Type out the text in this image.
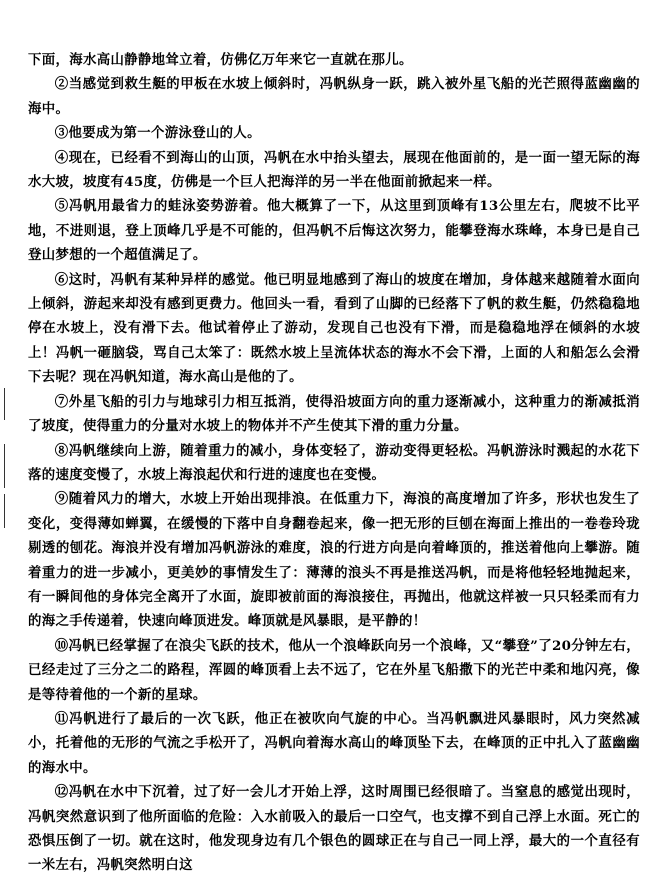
下面，海水高山静静地耸立着，仿佛亿万年来它一直就在那儿。

②当感觉到救生艇的甲板在水坡上倾斜时，冯帆纵身一跃，跳入被外星飞船的光芒照得蓝幽幽的海中。

③他要成为第一个游泳登山的人。

④现在，已经看不到海山的山顶，冯帆在水中抬头望去，展现在他面前的，是一面一望无际的海水大坡，坡度有45度，仿佛是一个巨人把海洋的另一半在他面前掀起来一样。

⑤冯帆用最省力的蛙泳姿势游着。他大概算了一下，从这里到顶峰有13公里左右，爬坡不比平地，不进则退，登上顶峰几乎是不可能的，但冯帆不后悔这次努力，能攀登海水珠峰，本身已是自己登山梦想的一个超值满足了。

⑥这时，冯帆有某种异样的感觉。他已明显地感到了海山的坡度在增加，身体越来越随着水面向上倾斜，游起来却没有感到更费力。他回头一看，看到了山脚的已经落下了帆的救生艇，仍然稳稳地停在水坡上，没有滑下去。他试着停止了游动，发现自己也没有下滑，而是稳稳地浮在倾斜的水坡上！冯帆一砸脑袋，骂自己太笨了：既然水坡上呈流体状态的海水不会下滑，上面的人和船怎么会滑下去呢？现在冯帆知道，海水高山是他的了。

⑦外星飞船的引力与地球引力相互抵消，使得沿坡面方向的重力逐渐减小，这种重力的渐减抵消了坡度，使得重力的分量对水坡上的物体并不产生使其下滑的重力分量。

⑧冯帆继续向上游，随着重力的减小，身体变轻了，游动变得更轻松。冯帆游泳时溅起的水花下落的速度变慢了，水坡上海浪起伏和行进的速度也在变慢。

⑨随着风力的增大，水坡上开始出现排浪。在低重力下，海浪的高度增加了许多，形状也发生了变化，变得薄如蝉翼，在缓慢的下落中自身翻卷起来，像一把无形的巨刨在海面上推出的一卷卷玲珑剔透的刨花。海浪并没有增加冯帆游泳的难度，浪的行进方向是向着峰顶的，推送着他向上攀游。随着重力的进一步减小，更美妙的事情发生了：薄薄的浪头不再是推送冯帆，而是将他轻轻地抛起来，有一瞬间他的身体完全离开了水面，旋即被前面的海浪接住，再抛出，他就这样被一只只轻柔而有力的海之手传递着，快速向峰顶进发。峰顶就是风暴眼，是平静的！

⑩冯帆已经掌握了在浪尖飞跃的技术，他从一个浪峰跃向另一个浪峰，又“攀登”了20分钟左右，已经走过了三分之二的路程，浑圆的峰顶看上去不远了，它在外星飞船撒下的光芒中柔和地闪亮，像是等待着他的一个新的星球。

⑪冯帆进行了最后的一次飞跃，他正在被吹向气旋的中心。当冯帆飘进风暴眼时，风力突然减小，托着他的无形的气流之手松开了，冯帆向着海水高山的峰顶坠下去，在峰顶的正中扎入了蓝幽幽的海水中。

⑫冯帆在水中下沉着，过了好一会儿才开始上浮，这时周围已经很暗了。当窒息的感觉出现时，冯帆突然意识到了他所面临的危险：入水前吸入的最后一口空气，也支撑不到自己浮上水面。死亡的恐惧压倒了一切。就在这时，他发现身边有几个银色的圆球正在与自己一同上浮，最大的一个直径有一米左右，冯帆突然明白这
